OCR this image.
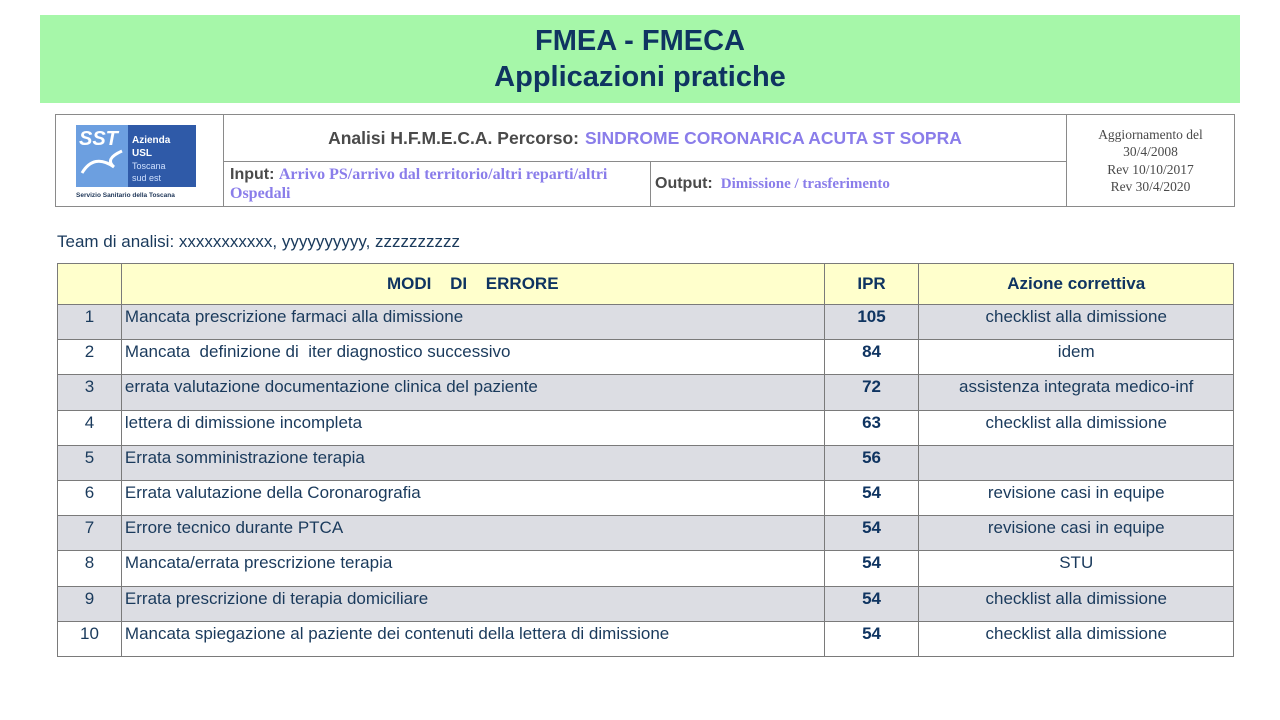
FMEA - FMECA
Applicazioni pratiche
SST Azienda
USL
Toscana
sud est
Servizio Sanitario della Toscana
Analisi H.F.M.E.C.A. Percorso: SINDROME CORONARICA ACUTA ST SOPRA
Input: Arrivo PS/arrivo dal territorio/altri reparti/altri Ospedali
Output: Dimissione / trasferimento
Aggiornamento del
30/4/2008
Rev 10/10/2017
Rev 30/4/2020
Team di analisi: xxxxxxxxxxx, yyyyyyyyyy, zzzzzzzzzz
	MODI DI ERRORE	IPR	Azione correttiva
1	Mancata prescrizione farmaci alla dimissione	105	checklist alla dimissione
2	Mancata  definizione di  iter diagnostico successivo	84	idem
3	errata valutazione documentazione clinica del paziente	72	assistenza integrata medico-inf
4	lettera di dimissione incompleta	63	checklist alla dimissione
5	Errata somministrazione terapia	56	
6	Errata valutazione della Coronarografia	54	revisione casi in equipe
7	Errore tecnico durante PTCA	54	revisione casi in equipe
8	Mancata/errata prescrizione terapia	54	STU
9	Errata prescrizione di terapia domiciliare	54	checklist alla dimissione
10	Mancata spiegazione al paziente dei contenuti della lettera di dimissione	54	checklist alla dimissione
